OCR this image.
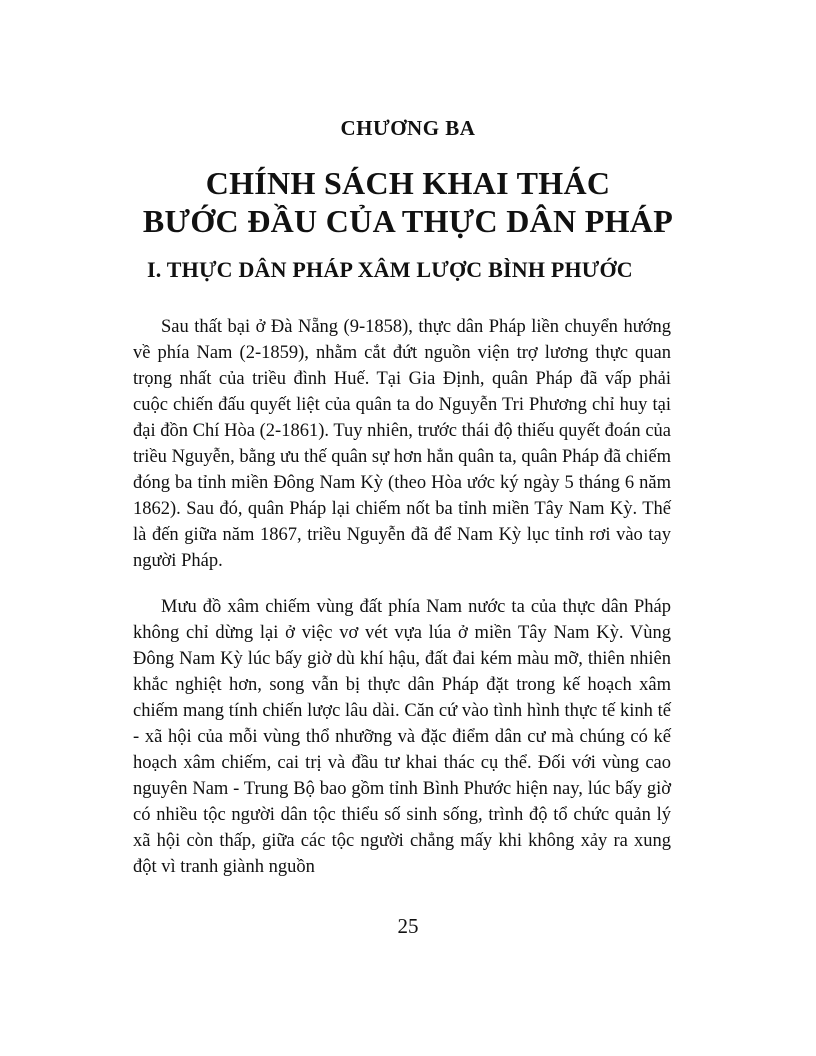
CHƯƠNG BA
CHÍNH SÁCH KHAI THÁC
BƯỚC ĐẦU CỦA THỰC DÂN PHÁP
I. THỰC DÂN PHÁP XÂM LƯỢC BÌNH PHƯỚC

Sau thất bại ở Đà Nẵng (9-1858), thực dân Pháp liền chuyển hướng về phía Nam (2-1859), nhằm cắt đứt nguồn viện trợ lương thực quan trọng nhất của triều đình Huế. Tại Gia Định, quân Pháp đã vấp phải cuộc chiến đấu quyết liệt của quân ta do Nguyễn Tri Phương chỉ huy tại đại đồn Chí Hòa (2-1861). Tuy nhiên, trước thái độ thiếu quyết đoán của triều Nguyễn, bằng ưu thế quân sự hơn hẳn quân ta, quân Pháp đã chiếm đóng ba tỉnh miền Đông Nam Kỳ (theo Hòa ước ký ngày 5 tháng 6 năm 1862). Sau đó, quân Pháp lại chiếm nốt ba tỉnh miền Tây Nam Kỳ. Thế là đến giữa năm 1867, triều Nguyễn đã để Nam Kỳ lục tỉnh rơi vào tay người Pháp.

Mưu đồ xâm chiếm vùng đất phía Nam nước ta của thực dân Pháp không chỉ dừng lại ở việc vơ vét vựa lúa ở miền Tây Nam Kỳ. Vùng Đông Nam Kỳ lúc bấy giờ dù khí hậu, đất đai kém màu mỡ, thiên nhiên khắc nghiệt hơn, song vẫn bị thực dân Pháp đặt trong kế hoạch xâm chiếm mang tính chiến lược lâu dài. Căn cứ vào tình hình thực tế kinh tế - xã hội của mỗi vùng thổ nhưỡng và đặc điểm dân cư mà chúng có kế hoạch xâm chiếm, cai trị và đầu tư khai thác cụ thể. Đối với vùng cao nguyên Nam - Trung Bộ bao gồm tỉnh Bình Phước hiện nay, lúc bấy giờ có nhiều tộc người dân tộc thiểu số sinh sống, trình độ tổ chức quản lý xã hội còn thấp, giữa các tộc người chẳng mấy khi không xảy ra xung đột vì tranh giành nguồn

25
